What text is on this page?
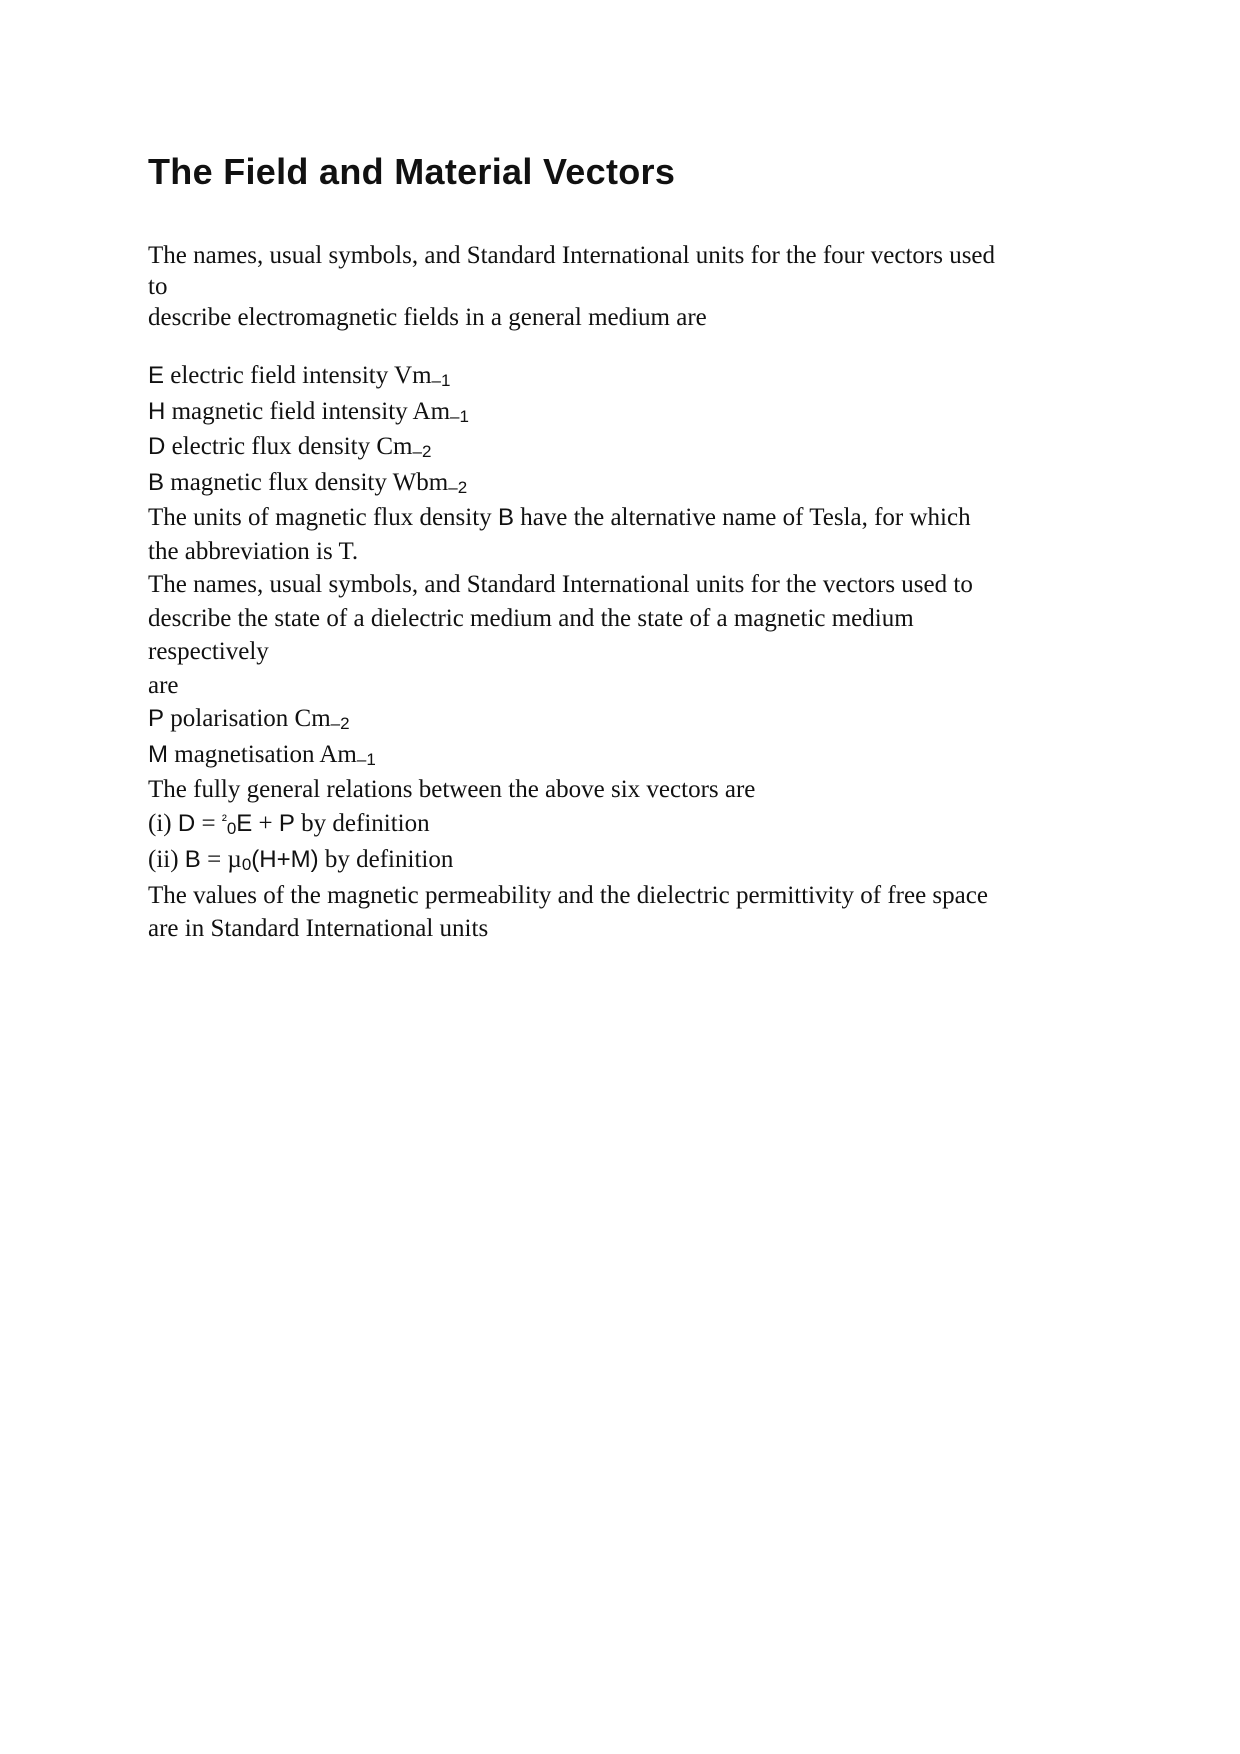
The Field and Material Vectors
The names, usual symbols, and Standard International units for the four vectors used
to
describe electromagnetic fields in a general medium are
E electric field intensity Vm–1
H magnetic field intensity Am–1
D electric flux density Cm–2
B magnetic flux density Wbm–2
The units of magnetic flux density B have the alternative name of Tesla, for which
the abbreviation is T.
The names, usual symbols, and Standard International units for the vectors used to
describe the state of a dielectric medium and the state of a magnetic medium
respectively
are
P polarisation Cm–2
M magnetisation Am–1
The fully general relations between the above six vectors are
(i) D = $^{^2}$0E + P by definition
(ii) B = µ0(H+M) by definition
The values of the magnetic permeability and the dielectric permittivity of free space
are in Standard International units
